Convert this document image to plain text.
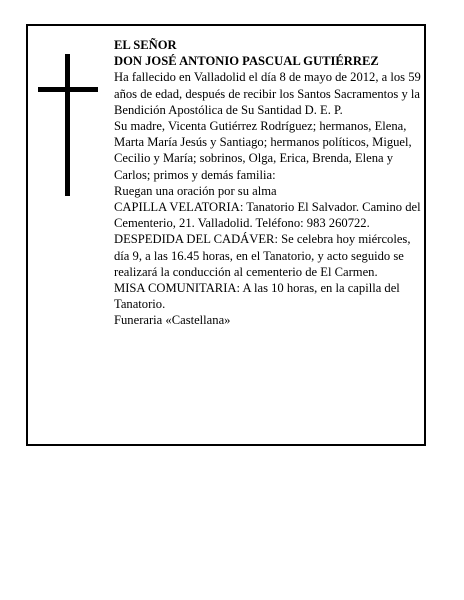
EL SEÑOR

DON JOSÉ ANTONIO PASCUAL GUTIÉRREZ

Ha fallecido en Valladolid el día 8 de mayo de 2012, a los 59 años de edad, después de recibir los Santos Sacramentos y la Bendición Apostólica de Su Santidad D. E. P.

Su madre, Vicenta Gutiérrez Rodríguez; hermanos, Elena, Marta María Jesús y Santiago; hermanos políticos, Miguel, Cecilio y María; sobrinos, Olga, Erica, Brenda, Elena y Carlos; primos y demás familia:

Ruegan una oración por su alma

CAPILLA VELATORIA: Tanatorio El Salvador. Camino del Cementerio, 21. Valladolid. Teléfono: 983 260722.

DESPEDIDA DEL CADÁVER: Se celebra hoy miércoles, día 9, a las 16.45 horas, en el Tanatorio, y acto seguido se realizará la conducción al cementerio de El Carmen.

MISA COMUNITARIA: A las 10 horas, en la capilla del Tanatorio.

Funeraria «Castellana»
